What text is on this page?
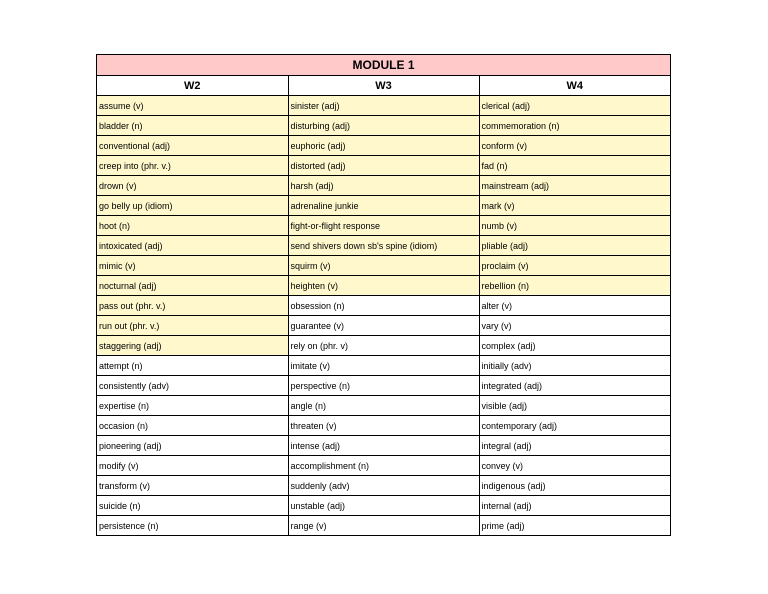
MODULE 1
W2	W3	W4
assume (v)	sinister (adj)	clerical (adj)
bladder (n)	disturbing (adj)	commemoration (n)
conventional (adj)	euphoric (adj)	conform (v)
creep into (phr. v.)	distorted (adj)	fad (n)
drown (v)	harsh (adj)	mainstream (adj)
go belly up (idiom)	adrenaline junkie	mark (v)
hoot (n)	fight-or-flight response	numb (v)
intoxicated (adj)	send shivers down sb's spine (idiom)	pliable (adj)
mimic (v)	squirm (v)	proclaim (v)
nocturnal (adj)	heighten (v)	rebellion (n)
pass out (phr. v.)	obsession (n)	alter (v)
run out (phr. v.)	guarantee (v)	vary (v)
staggering (adj)	rely on (phr. v)	complex (adj)
attempt (n)	imitate (v)	initially (adv)
consistently (adv)	perspective (n)	integrated (adj)
expertise (n)	angle (n)	visible (adj)
occasion (n)	threaten (v)	contemporary (adj)
pioneering (adj)	intense (adj)	integral (adj)
modify (v)	accomplishment (n)	convey (v)
transform (v)	suddenly (adv)	indigenous (adj)
suicide (n)	unstable (adj)	internal (adj)
persistence (n)	range (v)	prime (adj)
